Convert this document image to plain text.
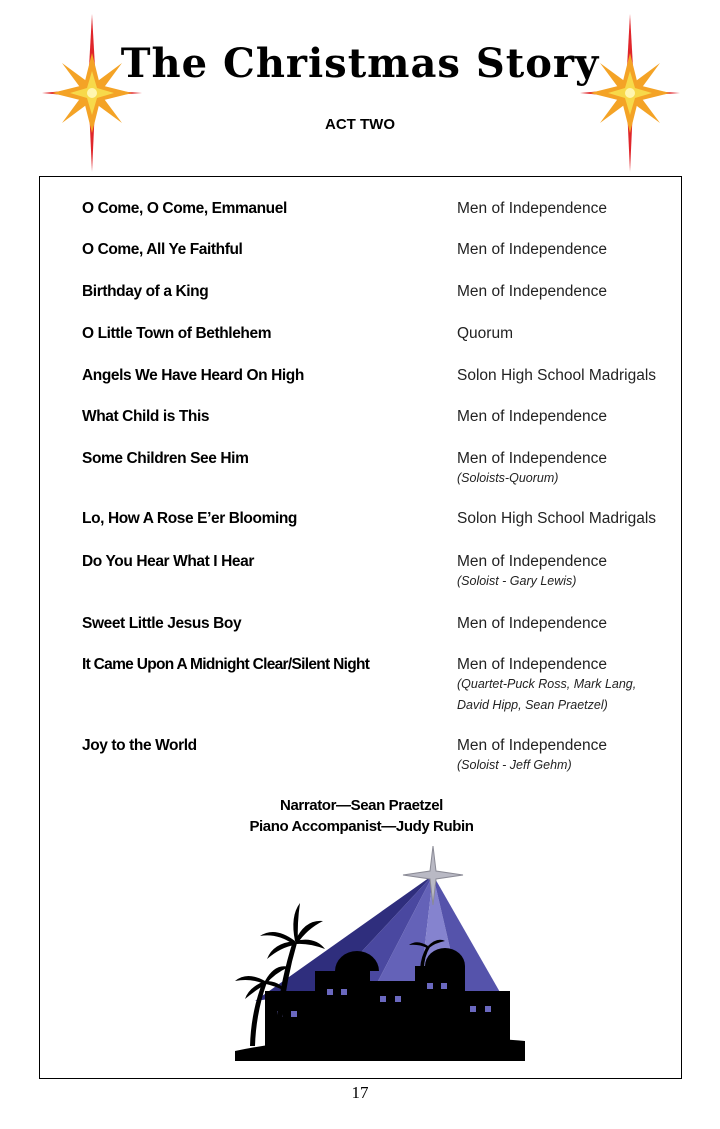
The Christmas Story
ACT TWO
O Come, O Come, Emmanuel	Men of Independence
O Come, All Ye Faithful	Men of Independence
Birthday of a King	Men of Independence
O Little Town of Bethlehem	Quorum
Angels We Have Heard On High	Solon High School Madrigals
What Child is This	Men of Independence
Some Children See Him	Men of Independence
(Soloists-Quorum)
Lo, How A Rose E’er Blooming	Solon High School Madrigals
Do You Hear What I Hear	Men of Independence
(Soloist - Gary Lewis)
Sweet Little Jesus Boy	Men of Independence
It Came Upon A Midnight Clear/Silent Night	Men of Independence
(Quartet-Puck Ross, Mark Lang,
David Hipp, Sean Praetzel)
Joy to the World	Men of Independence
(Soloist - Jeff Gehm)
Narrator—Sean Praetzel
Piano Accompanist—Judy Rubin
17
